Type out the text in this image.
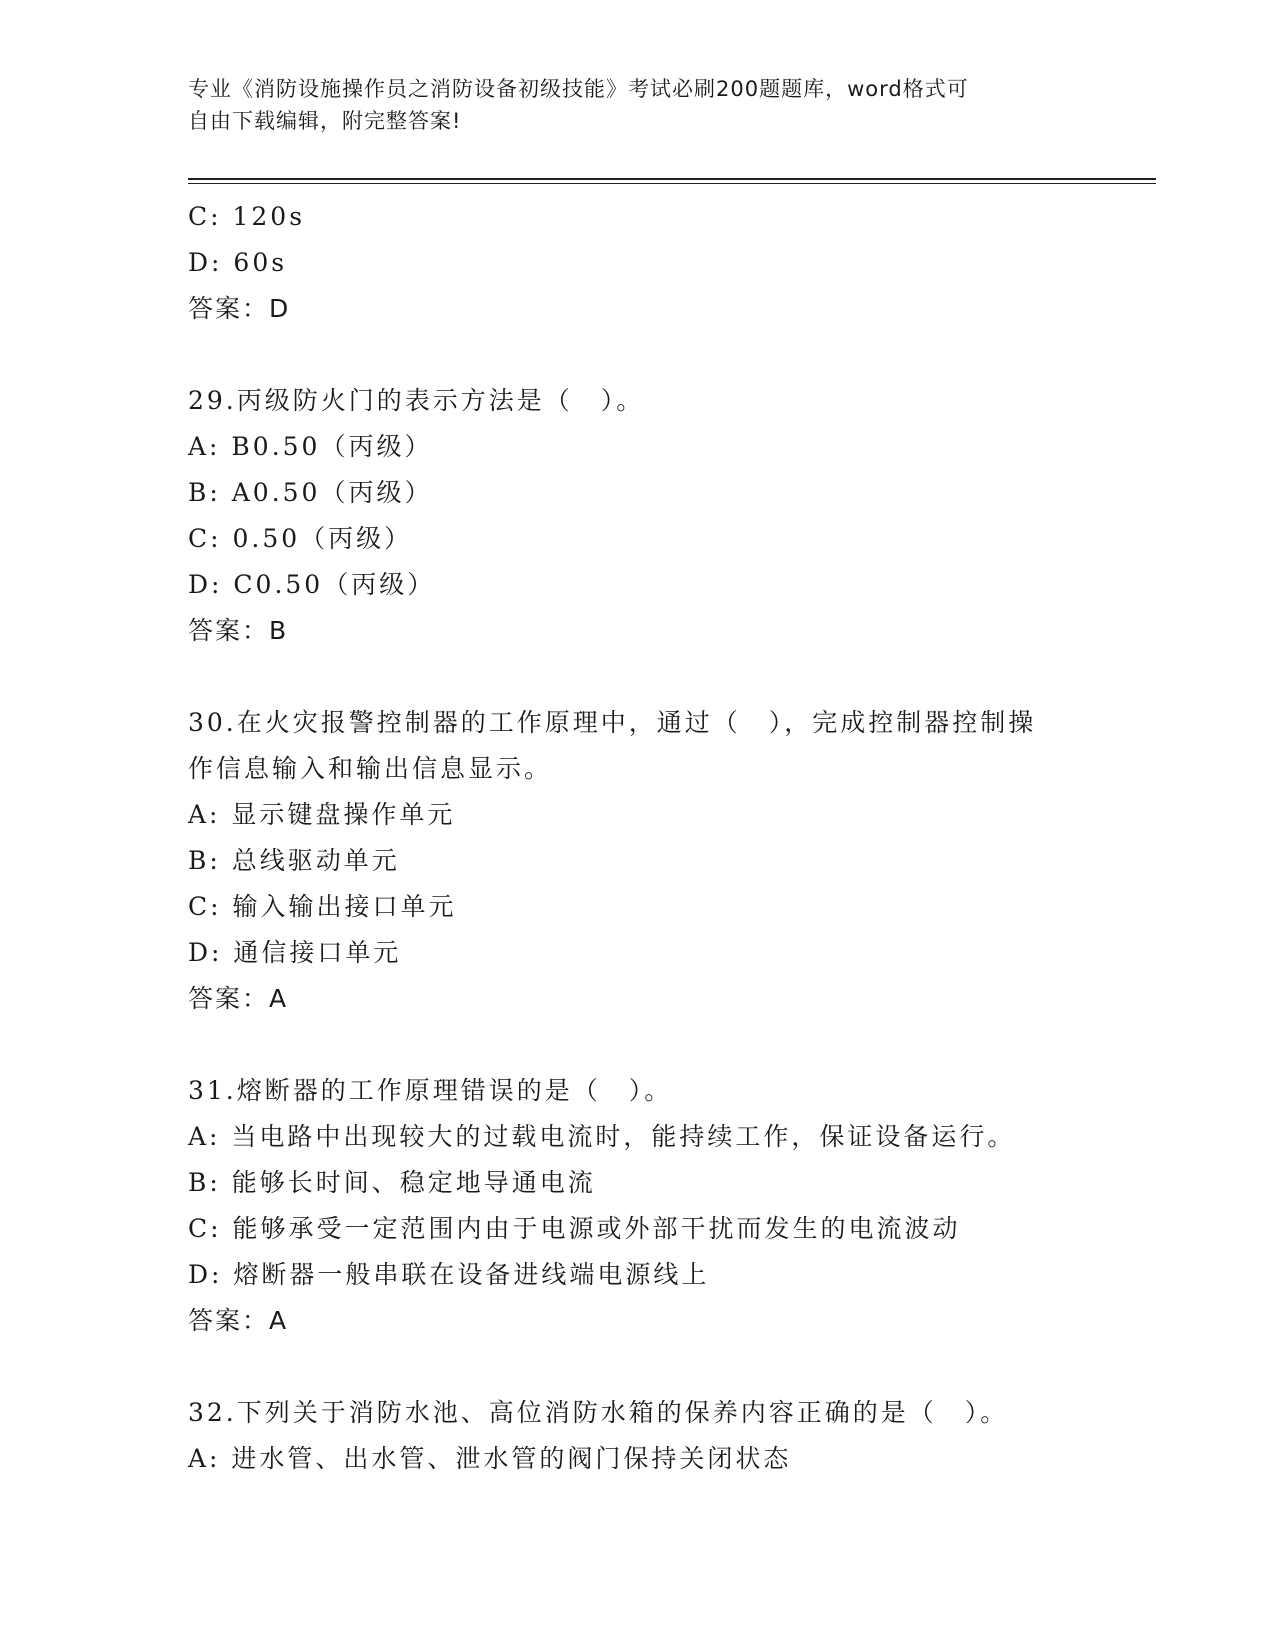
专业《消防设施操作员之消防设备初级技能》考试必刷200题题库，word格式可
自由下载编辑，附完整答案!
C: 120s
D: 60s
答案：D
29.丙级防火门的表示方法是（　）。
A: B0.50（丙级）
B: A0.50（丙级）
C: 0.50（丙级）
D: C0.50（丙级）
答案：B
30.在火灾报警控制器的工作原理中，通过（　），完成控制器控制操
作信息输入和输出信息显示。
A: 显示键盘操作单元
B: 总线驱动单元
C: 输入输出接口单元
D: 通信接口单元
答案：A
31.熔断器的工作原理错误的是（　）。
A: 当电路中出现较大的过载电流时，能持续工作，保证设备运行。
B: 能够长时间、稳定地导通电流
C: 能够承受一定范围内由于电源或外部干扰而发生的电流波动
D: 熔断器一般串联在设备进线端电源线上
答案：A
32.下列关于消防水池、高位消防水箱的保养内容正确的是（　）。
A: 进水管、出水管、泄水管的阀门保持关闭状态
